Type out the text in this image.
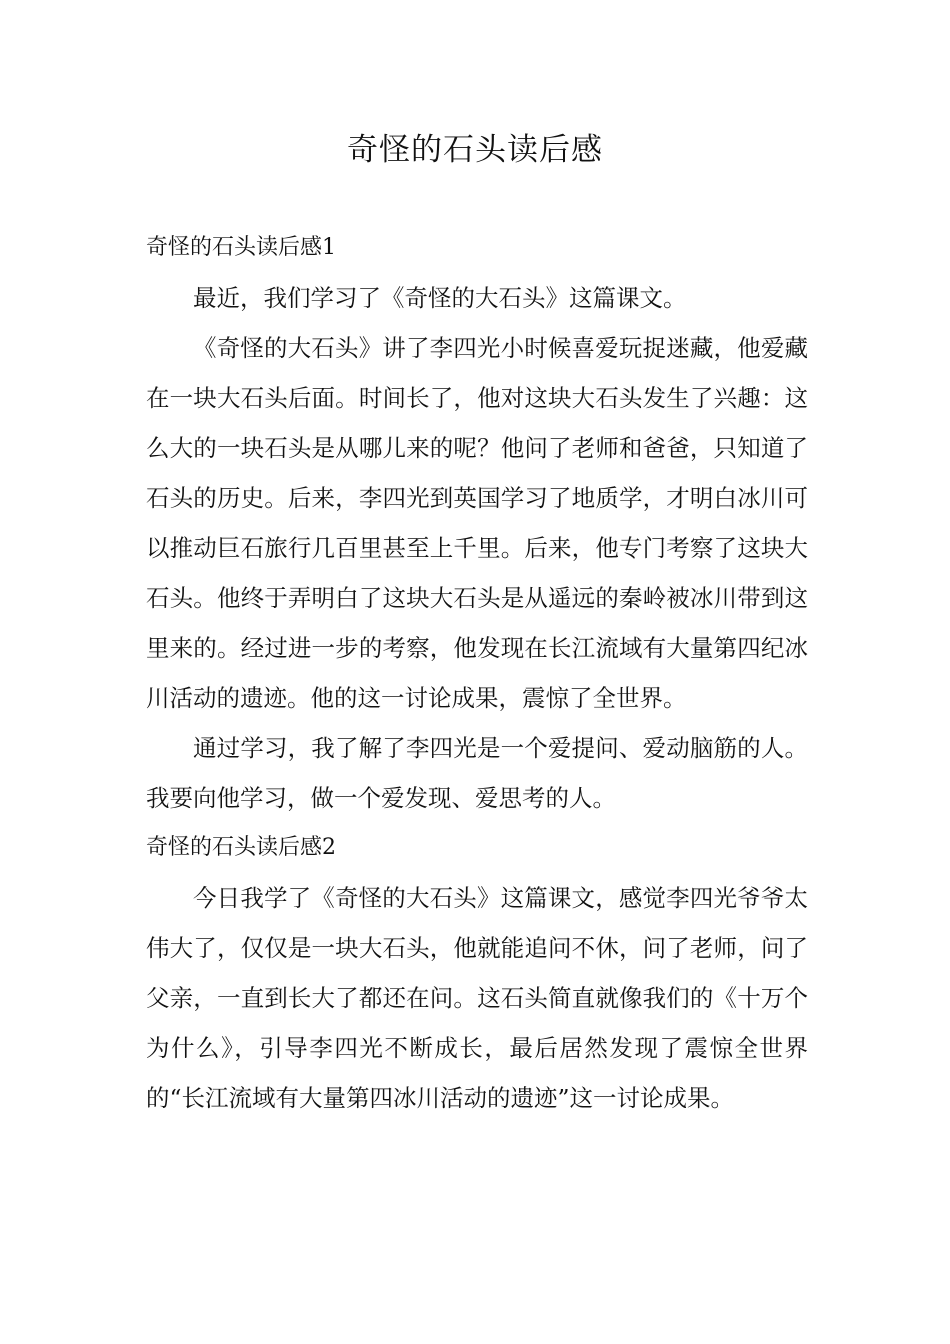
奇怪的石头读后感
奇怪的石头读后感1

最近，我们学习了《奇怪的大石头》这篇课文。

《奇怪的大石头》讲了李四光小时候喜爱玩捉迷藏，他爱藏在一块大石头后面。时间长了，他对这块大石头发生了兴趣：这么大的一块石头是从哪儿来的呢？他问了老师和爸爸，只知道了石头的历史。后来，李四光到英国学习了地质学，才明白冰川可以推动巨石旅行几百里甚至上千里。后来，他专门考察了这块大石头。他终于弄明白了这块大石头是从遥远的秦岭被冰川带到这里来的。经过进一步的考察，他发现在长江流域有大量第四纪冰川活动的遗迹。他的这一讨论成果，震惊了全世界。

通过学习，我了解了李四光是一个爱提问、爱动脑筋的人。我要向他学习，做一个爱发现、爱思考的人。

奇怪的石头读后感2

今日我学了《奇怪的大石头》这篇课文，感觉李四光爷爷太伟大了，仅仅是一块大石头，他就能追问不休，问了老师，问了父亲，一直到长大了都还在问。这石头简直就像我们的《十万个为什么》，引导李四光不断成长，最后居然发现了震惊全世界的“长江流域有大量第四冰川活动的遗迹”这一讨论成果。
